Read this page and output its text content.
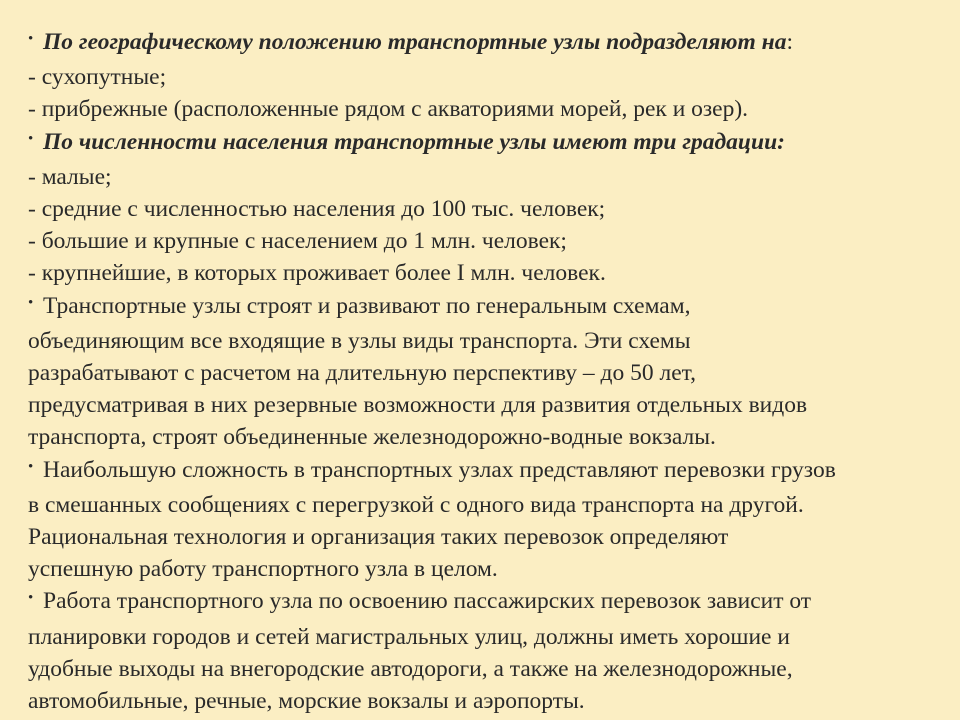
• По географическому положению транспортные узлы подразделяют на :
- сухопутные;
- прибрежные (расположенные рядом с акваториями морей, рек и озер).
• По численности населения транспортные узлы имеют три градации:
- малые;
- средние с численностью населения до 100 тыс. человек;
- большие и крупные с населением до 1 млн. человек;
- крупнейшие, в которых проживает более I млн. человек.
• Транспортные узлы строят и развивают по генеральным схемам,
объединяющим все входящие в узлы виды транспорта. Эти схемы
разрабатывают с расчетом на длительную перспективу – до 50 лет,
предусматривая в них резервные возможности для развития отдельных видов
транспорта, строят объединенные железнодорожно-водные вокзалы.
• Наибольшую сложность в транспортных узлах представляют перевозки грузов
в смешанных сообщениях с перегрузкой с одного вида транспорта на другой.
Рациональная технология и организация таких перевозок определяют
успешную работу транспортного узла в целом.
• Работа транспортного узла по освоению пассажирских перевозок зависит от
планировки городов и сетей магистральных улиц, должны иметь хорошие и
удобные выходы на внегородские автодороги, а также на железнодорожные,
автомобильные, речные, морские вокзалы и аэропорты.
